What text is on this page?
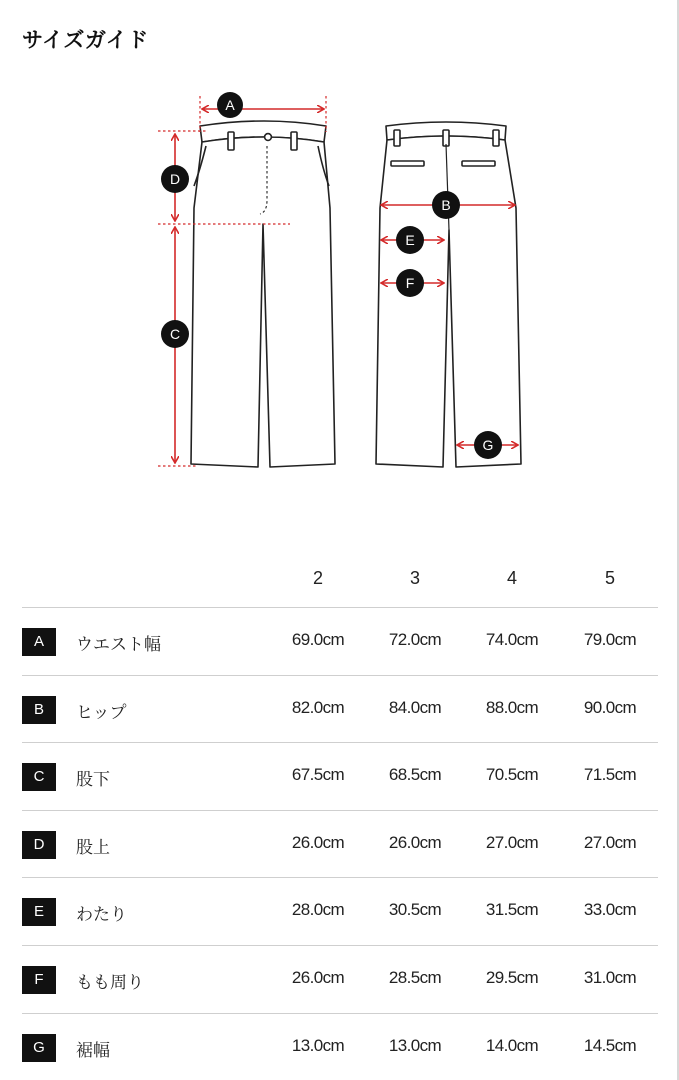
サイズガイド
A
D
C
B
E
F
G
2	3	4	5
A	ウエスト幅	69.0cm	72.0cm	74.0cm	79.0cm
B	ヒップ	82.0cm	84.0cm	88.0cm	90.0cm
C	股下	67.5cm	68.5cm	70.5cm	71.5cm
D	股上	26.0cm	26.0cm	27.0cm	27.0cm
E	わたり	28.0cm	30.5cm	31.5cm	33.0cm
F	もも周り	26.0cm	28.5cm	29.5cm	31.0cm
G	裾幅	13.0cm	13.0cm	14.0cm	14.5cm
